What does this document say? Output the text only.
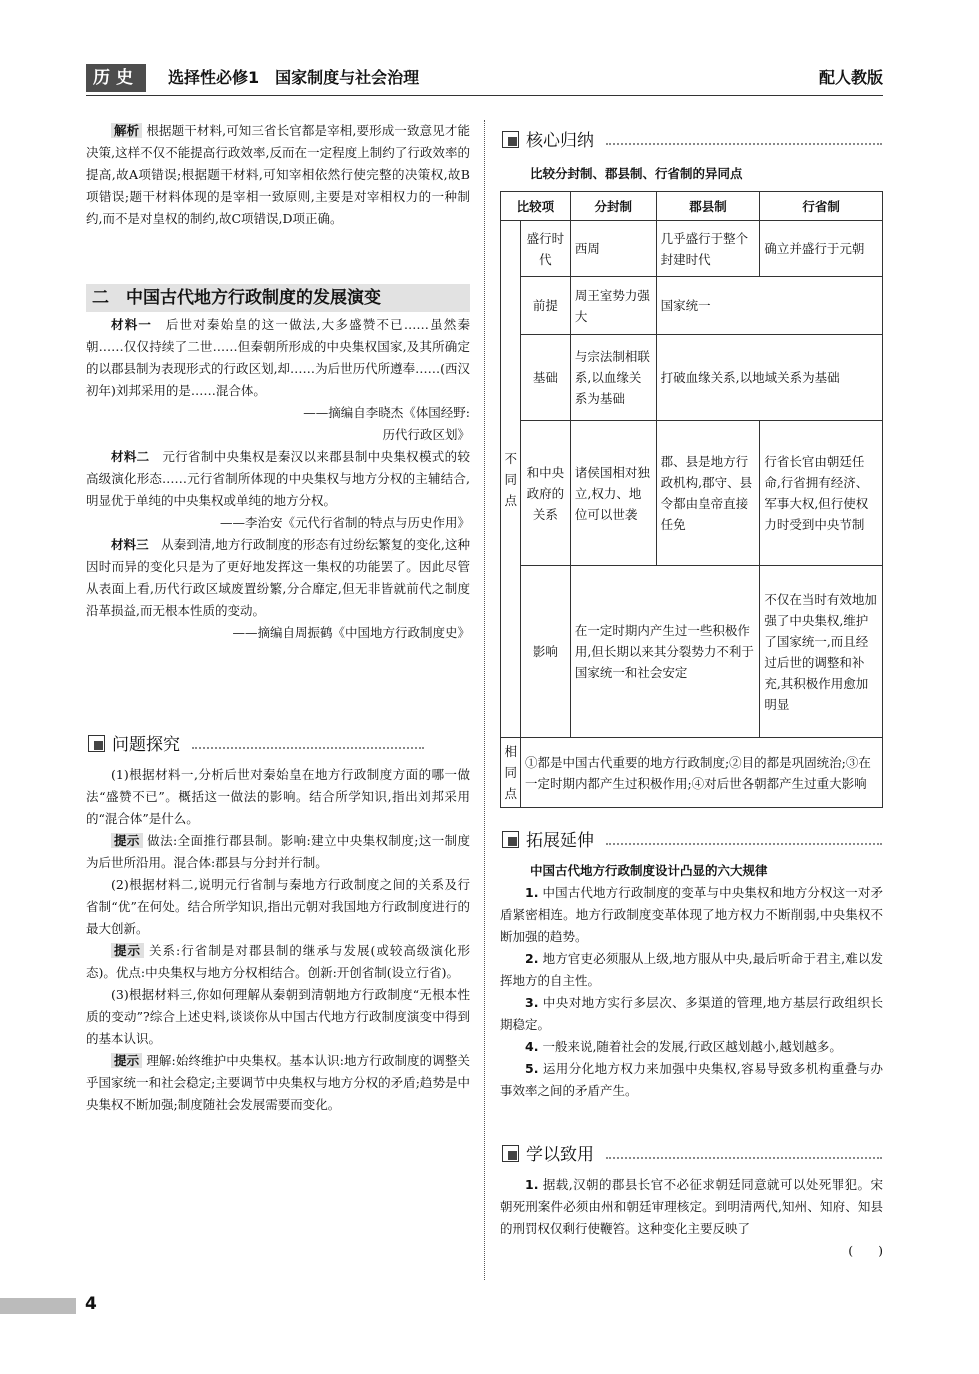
历史	选择性必修1　国家制度与社会治理	配人教版

解析 根据题干材料,可知三省长官都是宰相,要形成一致意见才能决策,这样不仅不能提高行政效率,反而在一定程度上制约了行政效率的提高,故A项错误;根据题干材料,可知宰相依然行使完整的决策权,故B项错误;题干材料体现的是宰相一致原则,主要是对宰相权力的一种制约,而不是对皇权的制约,故C项错误,D项正确。

二　中国古代地方行政制度的发展演变

材料一　 后世对秦始皇的这一做法,大多盛赞不已……虽然秦朝……仅仅持续了二世……但秦朝所形成的中央集权国家,及其所确定的以郡县制为表现形式的行政区划,却……为后世历代所遵奉……(西汉初年)刘邦采用的是……混合体。

——摘编自李晓杰《体国经野:

历代行政区划》

材料二　 元行省制中央集权是秦汉以来郡县制中央集权模式的较高级演化形态……元行省制所体现的中央集权与地方分权的主辅结合,明显优于单纯的中央集权或单纯的地方分权。

——李治安《元代行省制的特点与历史作用》

材料三　 从秦到清,地方行政制度的形态有过纷纭繁复的变化,这种因时而异的变化只是为了更好地发挥这一集权的功能罢了。因此尽管从表面上看,历代行政区域废置纷繁,分合靡定,但无非皆就前代之制度沿革损益,而无根本性质的变动。

——摘编自周振鹤《中国地方行政制度史》

问题探究

(1)根据材料一,分析后世对秦始皇在地方行政制度方面的哪一做法“盛赞不已”。概括这一做法的影响。结合所学知识,指出刘邦采用的“混合体”是什么。

提示 做法:全面推行郡县制。影响:建立中央集权制度;这一制度为后世所沿用。混合体:郡县与分封并行制。

(2)根据材料二,说明元行省制与秦地方行政制度之间的关系及行省制“优”在何处。结合所学知识,指出元朝对我国地方行政制度进行的最大创新。

提示 关系:行省制是对郡县制的继承与发展(或较高级演化形态)。优点:中央集权与地方分权相结合。创新:开创省制(设立行省)。

(3)根据材料三,你如何理解从秦朝到清朝地方行政制度“无根本性质的变动”?综合上述史料,谈谈你从中国古代地方行政制度演变中得到的基本认识。

提示 理解:始终维护中央集权。基本认识:地方行政制度的调整关乎国家统一和社会稳定;主要调节中央集权与地方分权的矛盾;趋势是中央集权不断加强;制度随社会发展需要而变化。

核心归纳
比较分封制、郡县制、行省制的异同点
比较项		分封制	郡县制	行省制

不同点	盛行时代	西周	几乎盛行于整个封建时代	确立并盛行于元朝
	前提	周王室势力强大	国家统一	
	基础	与宗法制相联系,以血缘关系为基础	打破血缘关系,以地域关系为基础	
	和中央政府的关系	诸侯国相对独立,权力、地位可以世袭	郡、县是地方行政机构,郡守、县令都由皇帝直接任免	行省长官由朝廷任命,行省拥有经济、军事大权,但行使权力时受到中央节制
	影响	在一定时期内产生过一些积极作用,但长期以来其分裂势力不利于国家统一和社会安定		不仅在当时有效地加强了中央集权,维护了国家统一,而且经过后世的调整和补充,其积极作用愈加明显

相同点	①都是中国古代重要的地方行政制度;②目的都是巩固统治;③在一定时期内都产生过积极作用;④对后世各朝都产生过重大影响			
拓展延伸

中国古代地方行政制度设计凸显的六大规律

1. 中国古代地方行政制度的变革与中央集权和地方分权这一对矛盾紧密相连。地方行政制度变革体现了地方权力不断削弱,中央集权不断加强的趋势。

2. 地方官吏必须服从上级,地方服从中央,最后听命于君主,难以发挥地方的自主性。

3. 中央对地方实行多层次、多渠道的管理,地方基层行政组织长期稳定。

4. 一般来说,随着社会的发展,行政区越划越小,越划越多。

5. 运用分化地方权力来加强中央集权,容易导致多机构重叠与办事效率之间的矛盾产生。

学以致用

1. 据载,汉朝的郡县长官不必征求朝廷同意就可以处死罪犯。宋朝死刑案件必须由州和朝廷审理核定。到明清两代,知州、知府、知县的刑罚权仅剩行使鞭笞。这种变化主要反映了

(　　)

4
